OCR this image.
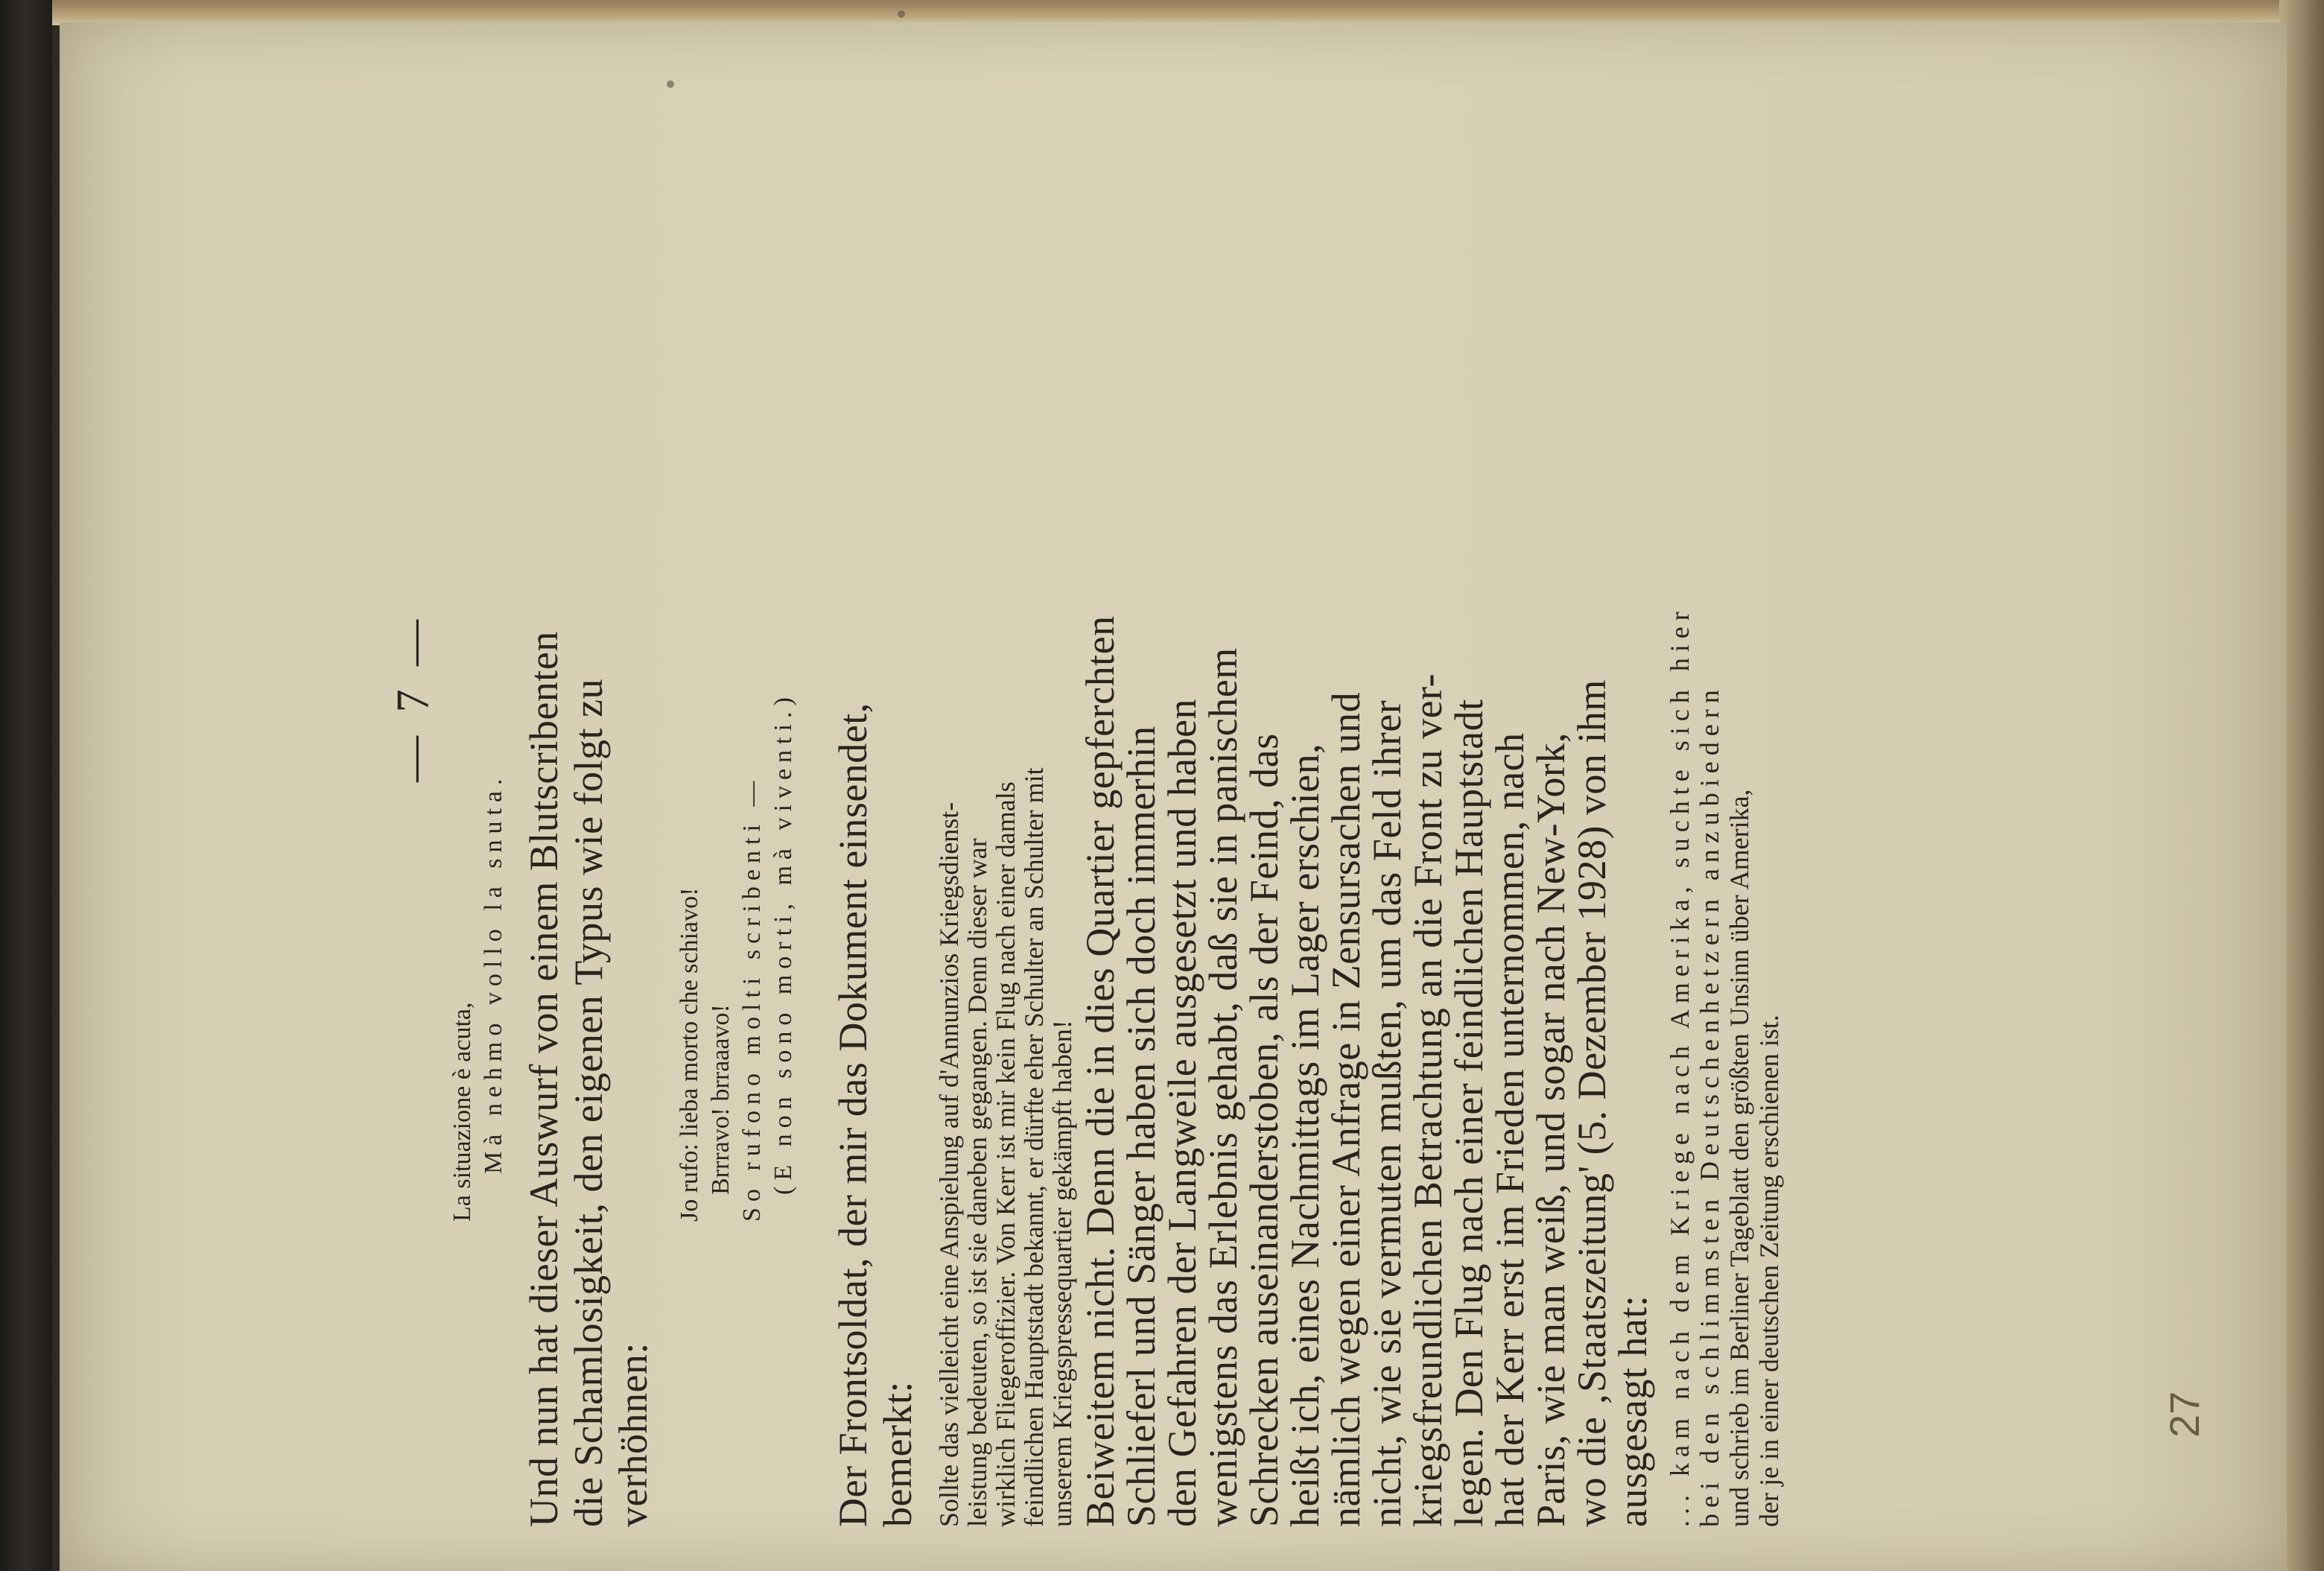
— 7 —
La situazione è acuta, Mà nehmo vollo la snuta. Und nun hat dieser Auswurf von einem Blutscribenten die Schamlosigkeit, den eigenen Typus wie folgt zu verhöhnen:
Jo rufo: lieba morto che schiavo! Brrravo! brraaavo! So rufono molti scribenti — (E non sono morti, mà viventi.) Der Frontsoldat, der mir das Dokument einsendet, bemerkt: Sollte das vielleicht eine Anspielung auf d'Annunzios Kriegsdienst-
leistung bedeuten, so ist sie daneben gegangen. Denn dieser war
wirklich Fliegeroffizier. Von Kerr ist mir kein Flug nach einer damals
feindlichen Hauptstadt bekannt, er dürfte eher Schulter an Schulter mit
unserem Kriegspressequartier gekämpft haben! Beiweitem nicht. Denn die in dies Quartier gepferchten
Schlieferl und Sänger haben sich doch immerhin
den Gefahren der Langweile ausgesetzt und haben
wenigstens das Erlebnis gehabt, daß sie in panischem
Schrecken auseinanderstoben, als der Feind, das
heißt ich, eines Nachmittags im Lager erschien,
nämlich wegen einer Anfrage in Zensursachen und
nicht, wie sie vermuten mußten, um das Feld ihrer
kriegsfreundlichen Betrachtung an die Front zu ver-
legen. Den Flug nach einer feindlichen Hauptstadt
hat der Kerr erst im Frieden unternommen, nach
Paris, wie man weiß, und sogar nach New-York,
wo die ‚Staatszeitung' (5. Dezember 1928) von ihm
ausgesagt hat: ... kam nach dem Kriege nach Amerika, suchte sich hier bei den schlimmsten Deutschenhetzern anzubiedern und schrieb im Berliner Tageblatt den größten Unsinn über Amerika, der je in einer deutschen Zeitung erschienen ist.	27
